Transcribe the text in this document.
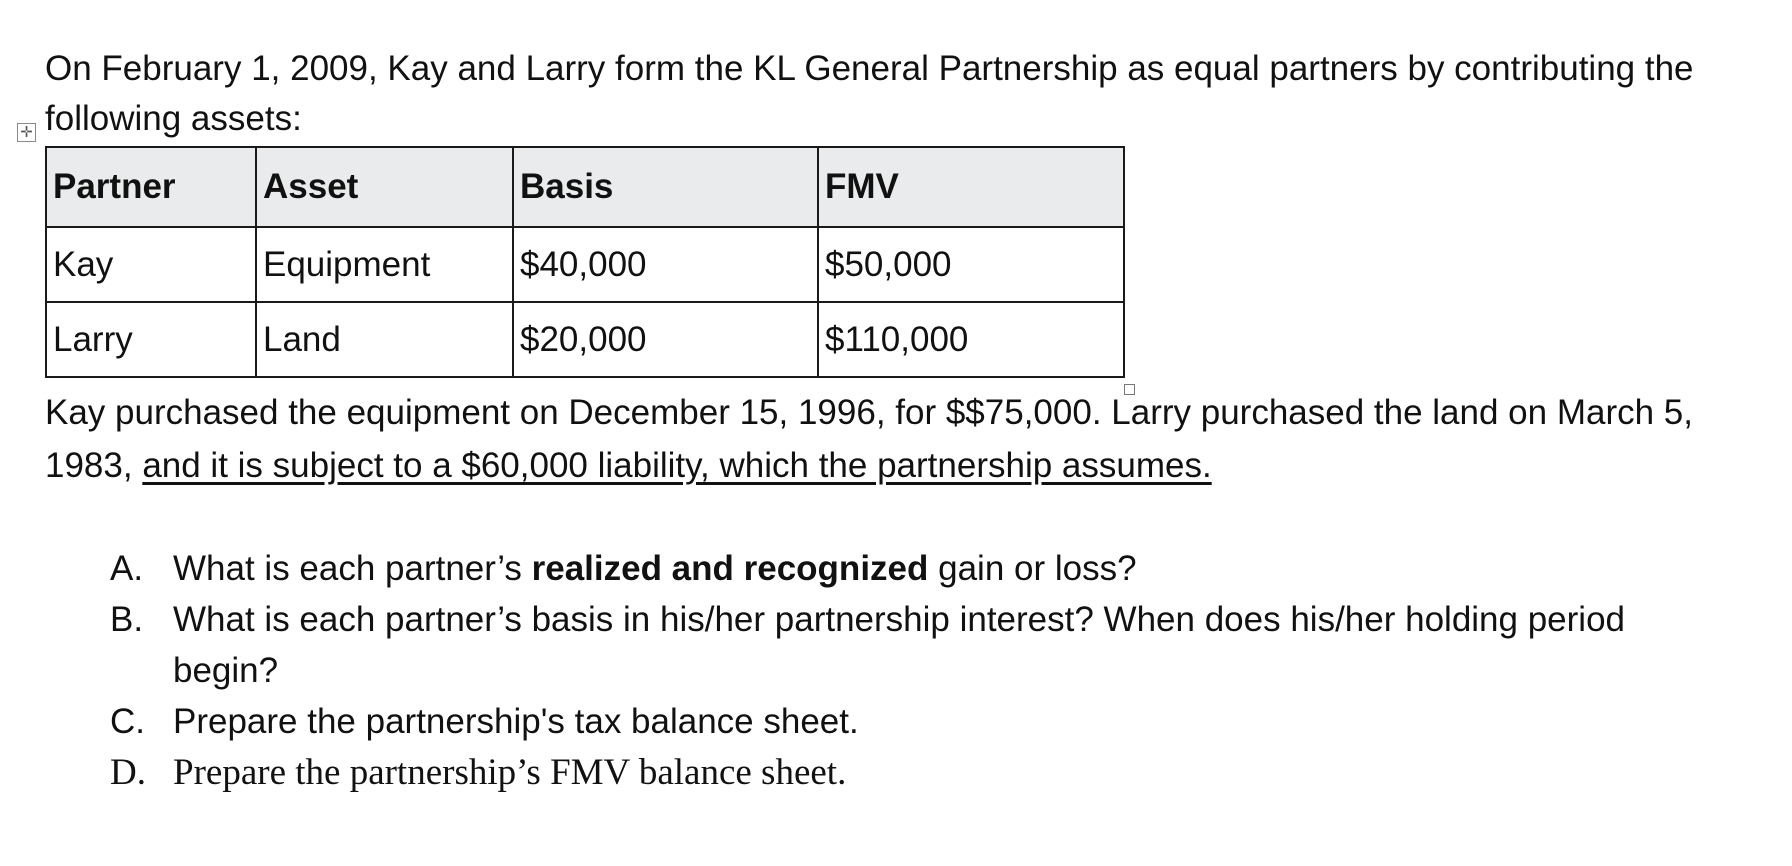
On February 1, 2009, Kay and Larry form the KL General Partnership as equal partners by contributing the following assets:

✛
Partner	Asset	Basis	FMV
Kay	Equipment	$40,000	$50,000
Larry	Land	$20,000	$110,000

Kay purchased the equipment on December 15, 1996, for $$75,000. Larry purchased the land on March 5, 1983, and it is subject to a $60,000 liability, which the partnership assumes.

A. What is each partner’s realized and recognized gain or loss?
B. What is each partner’s basis in his/her partnership interest? When does his/her holding period begin?
C. Prepare the partnership's tax balance sheet.
D. Prepare the partnership’s FMV balance sheet.
